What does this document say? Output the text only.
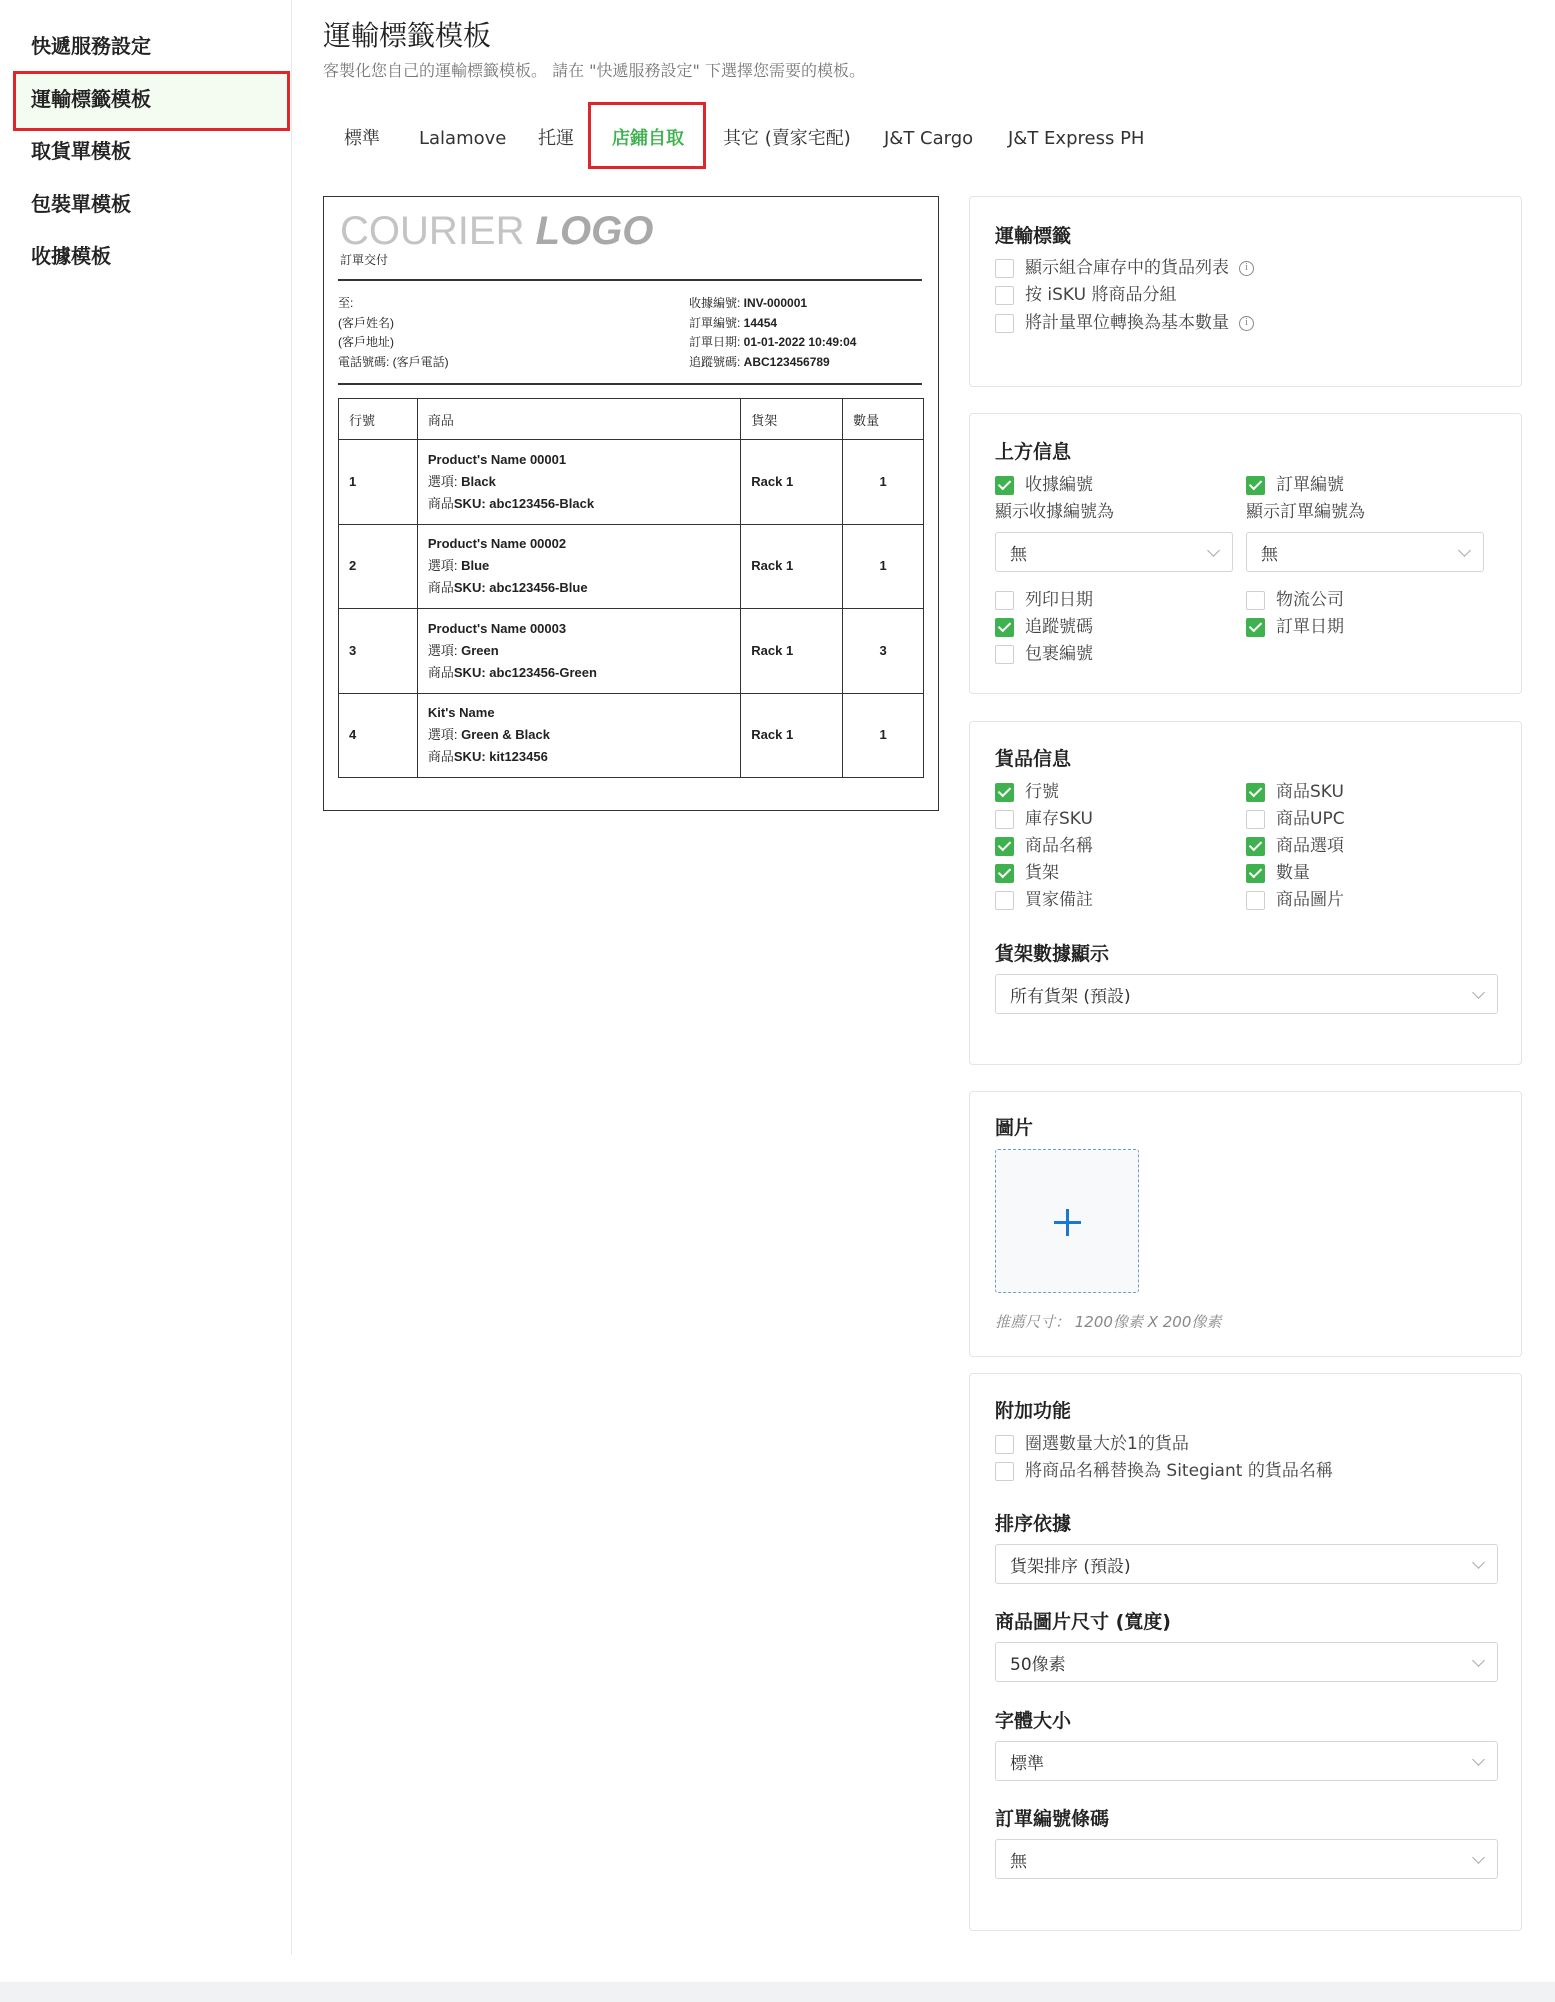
快遞服務設定
運輸標籤模板
取貨單模板
包裝單模板
收據模板
運輸標籤模板
客製化您自己的運輸標籤模板。 請在 "快遞服務設定" 下選擇您需要的模板。
標準 Lalamove 托運 店鋪自取 其它 (賣家宅配) J&T Cargo J&T Express PH
COURIER LOGO
訂單交付
至:
(客戶姓名)
(客戶地址)
電話號碼: (客戶電話)
收據編號: INV-000001
訂單編號: 14454
訂單日期: 01-01-2022 10:49:04
追蹤號碼: ABC123456789
行號	商品	貨架	數量
1	Product's Name 00001
選項: Black
商品SKU: abc123456-Black	Rack 1	1
2	Product's Name 00002
選項: Blue
商品SKU: abc123456-Blue	Rack 1	1
3	Product's Name 00003
選項: Green
商品SKU: abc123456-Green	Rack 1	3
4	Kit's Name
選項: Green & Black
商品SKU: kit123456	Rack 1	1
運輸標籤
顯示組合庫存中的貨品列表	i
按 iSKU 將商品分組
將計量單位轉換為基本數量	i
上方信息
收據編號	訂單編號
顯示收據編號為	顯示訂單編號為
無	無
列印日期	物流公司
追蹤號碼	訂單日期
包裹編號
貨品信息
行號
庫存SKU
商品名稱
貨架
買家備註
商品SKU
商品UPC
商品選項
數量
商品圖片
貨架數據顯示
所有貨架 (預設)
圖片
推薦尺寸： 1200像素 X 200像素
附加功能
圈選數量大於1的貨品
將商品名稱替換為 Sitegiant 的貨品名稱
排序依據
貨架排序 (預設)
商品圖片尺寸 (寬度)
50像素
字體大小
標準
訂單編號條碼
無
